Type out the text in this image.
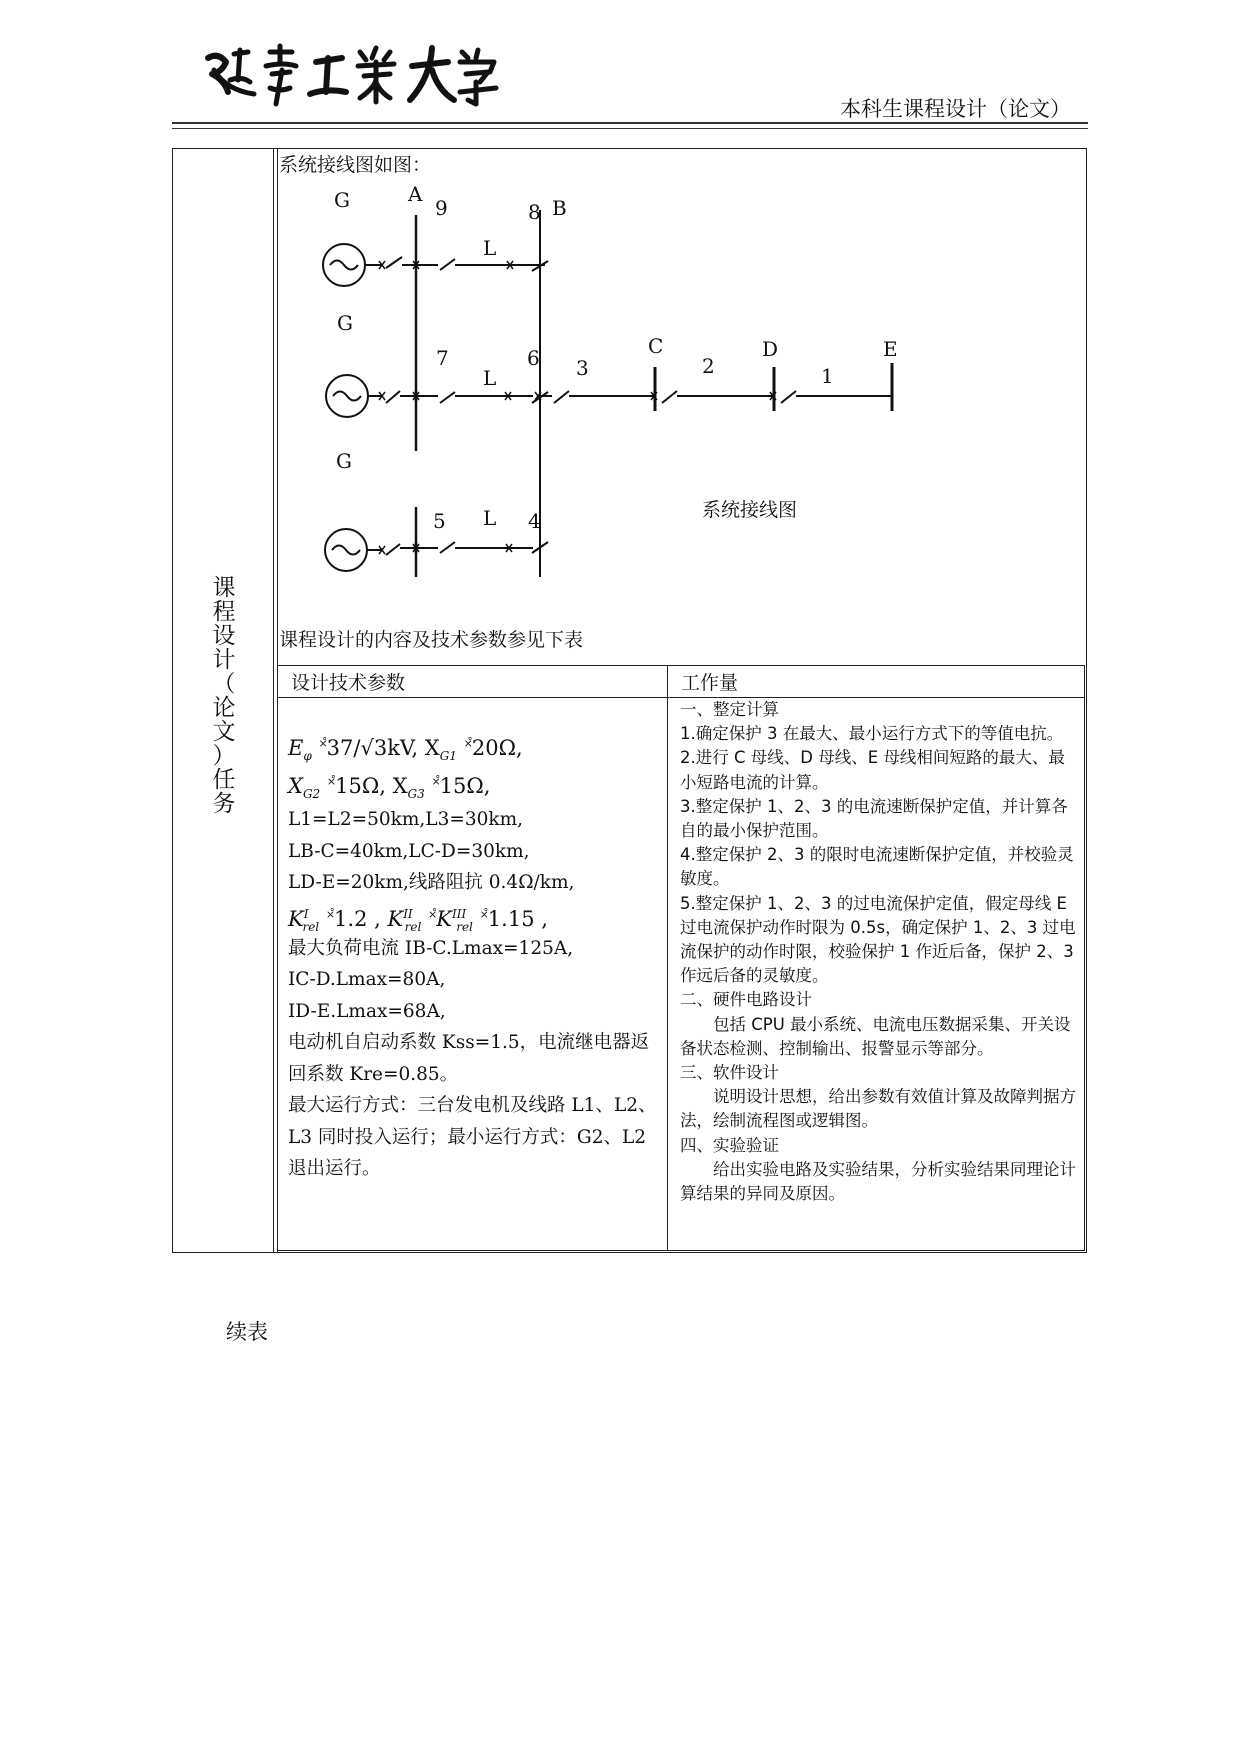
本科生课程设计（论文）
课
程
设
计
（
论
文
）
任
务
系统接线图如图：
G
G
G
A
9
L
8 B
7
L
6 3
C
2
D
1
E
5 L 4	系统接线图
课程设计的内容及技术参数参见下表
设计技术参数	工作量
$E_\varphi$ ×̊37/√3kV, $X_{G1}$ ×̊20Ω,
$X_{G2}$ ×̊15Ω, $X_{G3}$ ×̊15Ω,
L1=L2=50km,L3=30km,
LB-C=40km,LC-D=30km,
LD-E=20km,线路阻抗 0.4Ω/km,
$K^I_{rel}$ ×̊1.2 , $K^{II}_{rel}$ $^{\times̊}K^{III}_{rel}$ ×̊1.15 ,
最大负荷电流 IB-C.Lmax=125A,
IC-D.Lmax=80A,
ID-E.Lmax=68A,
电动机自启动系数 Kss=1.5，电流继电器返回系数 Kre=0.85。
最大运行方式：三台发电机及线路 L1、L2、L3 同时投入运行；最小运行方式：G2、L2 退出运行。

一、整定计算

1.确定保护 3 在最大、最小运行方式下的等值电抗。

2.进行 C 母线、D 母线、E 母线相间短路的最大、最小短路电流的计算。

3.整定保护 1、2、3 的电流速断保护定值，并计算各自的最小保护范围。

4.整定保护 2、3 的限时电流速断保护定值，并校验灵敏度。

5.整定保护 1、2、3 的过电流保护定值，假定母线 E 过电流保护动作时限为 0.5s，确定保护 1、2、3 过电流保护的动作时限，校验保护 1 作近后备，保护 2、3 作远后备的灵敏度。

二、硬件电路设计

包括 CPU 最小系统、电流电压数据采集、开关设备状态检测、控制输出、报警显示等部分。

三、软件设计

说明设计思想，给出参数有效值计算及故障判据方法，绘制流程图或逻辑图。

四、实验验证

给出实验电路及实验结果，分析实验结果同理论计算结果的异同及原因。

续表
